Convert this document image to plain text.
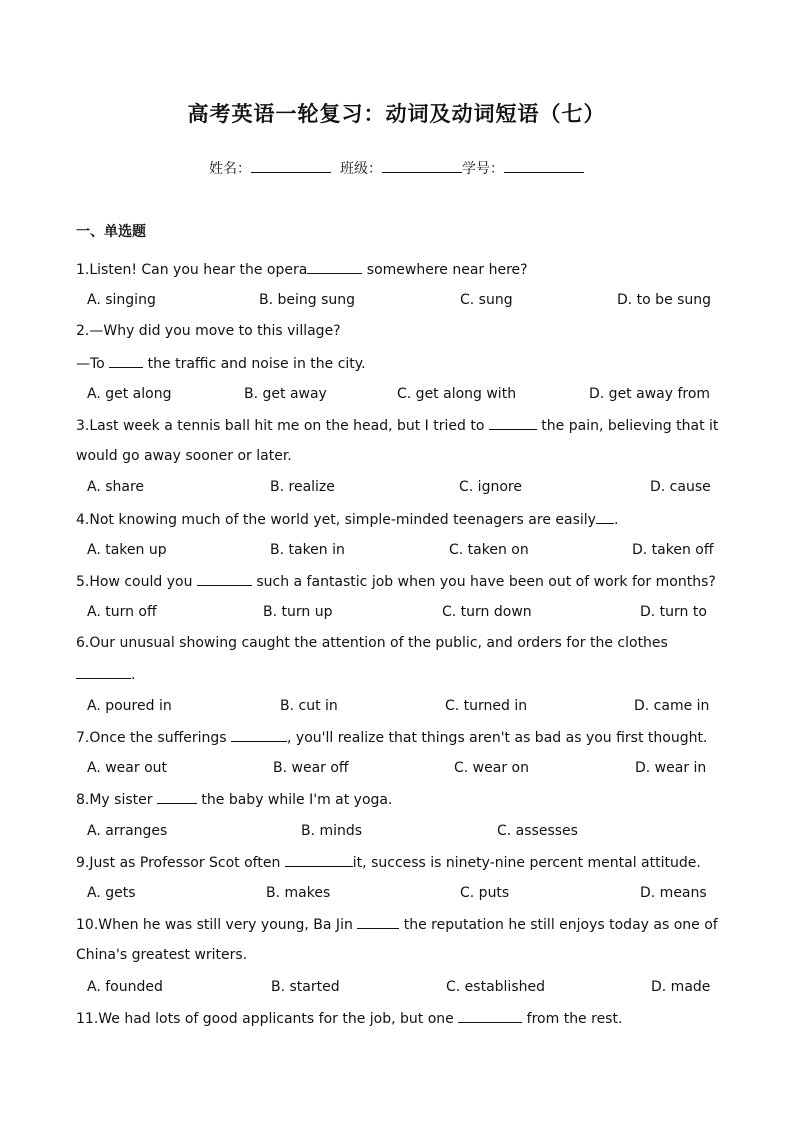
高考英语一轮复习：动词及动词短语（七）
姓名：	班级：	学号：
一、单选题
1.Listen! Can you hear the opera	somewhere near here?
A. singing	B. being sung	C. sung	D. to be sung
2.—Why did you move to this village?
—To  the traffic and noise in the city.
A. get along	B. get away	C. get along with	D. get away from
3.Last week a tennis ball hit me on the head, but I tried to	the pain, believing that it
would go away sooner or later.
A. share	B. realize	C. ignore	D. cause
4.Not knowing much of the world yet, simple-minded teenagers are easily .
A. taken up	B. taken in	C. taken on	D. taken off
5.How could you	such a fantastic job when you have been out of work for months?
A. turn off	B. turn up	C. turn down	D. turn to
6.Our unusual showing caught the attention of the public, and orders for the clothes
.
A. poured in	B. cut in	C. turned in	D. came in
7.Once the sufferings	, you'll realize that things aren't as bad as you first thought.
A. wear out	B. wear off	C. wear on	D. wear in
8.My sister	the baby while I'm at yoga.
A. arranges	B. minds	C. assesses
9.Just as Professor Scot often	it, success is ninety-nine percent mental attitude.
A. gets	B. makes	C. puts	D. means
10.When he was still very young, Ba Jin	the reputation he still enjoys today as one of
China's greatest writers.
A. founded	B. started	C. established	D. made
11.We had lots of good applicants for the job, but one	from the rest.
